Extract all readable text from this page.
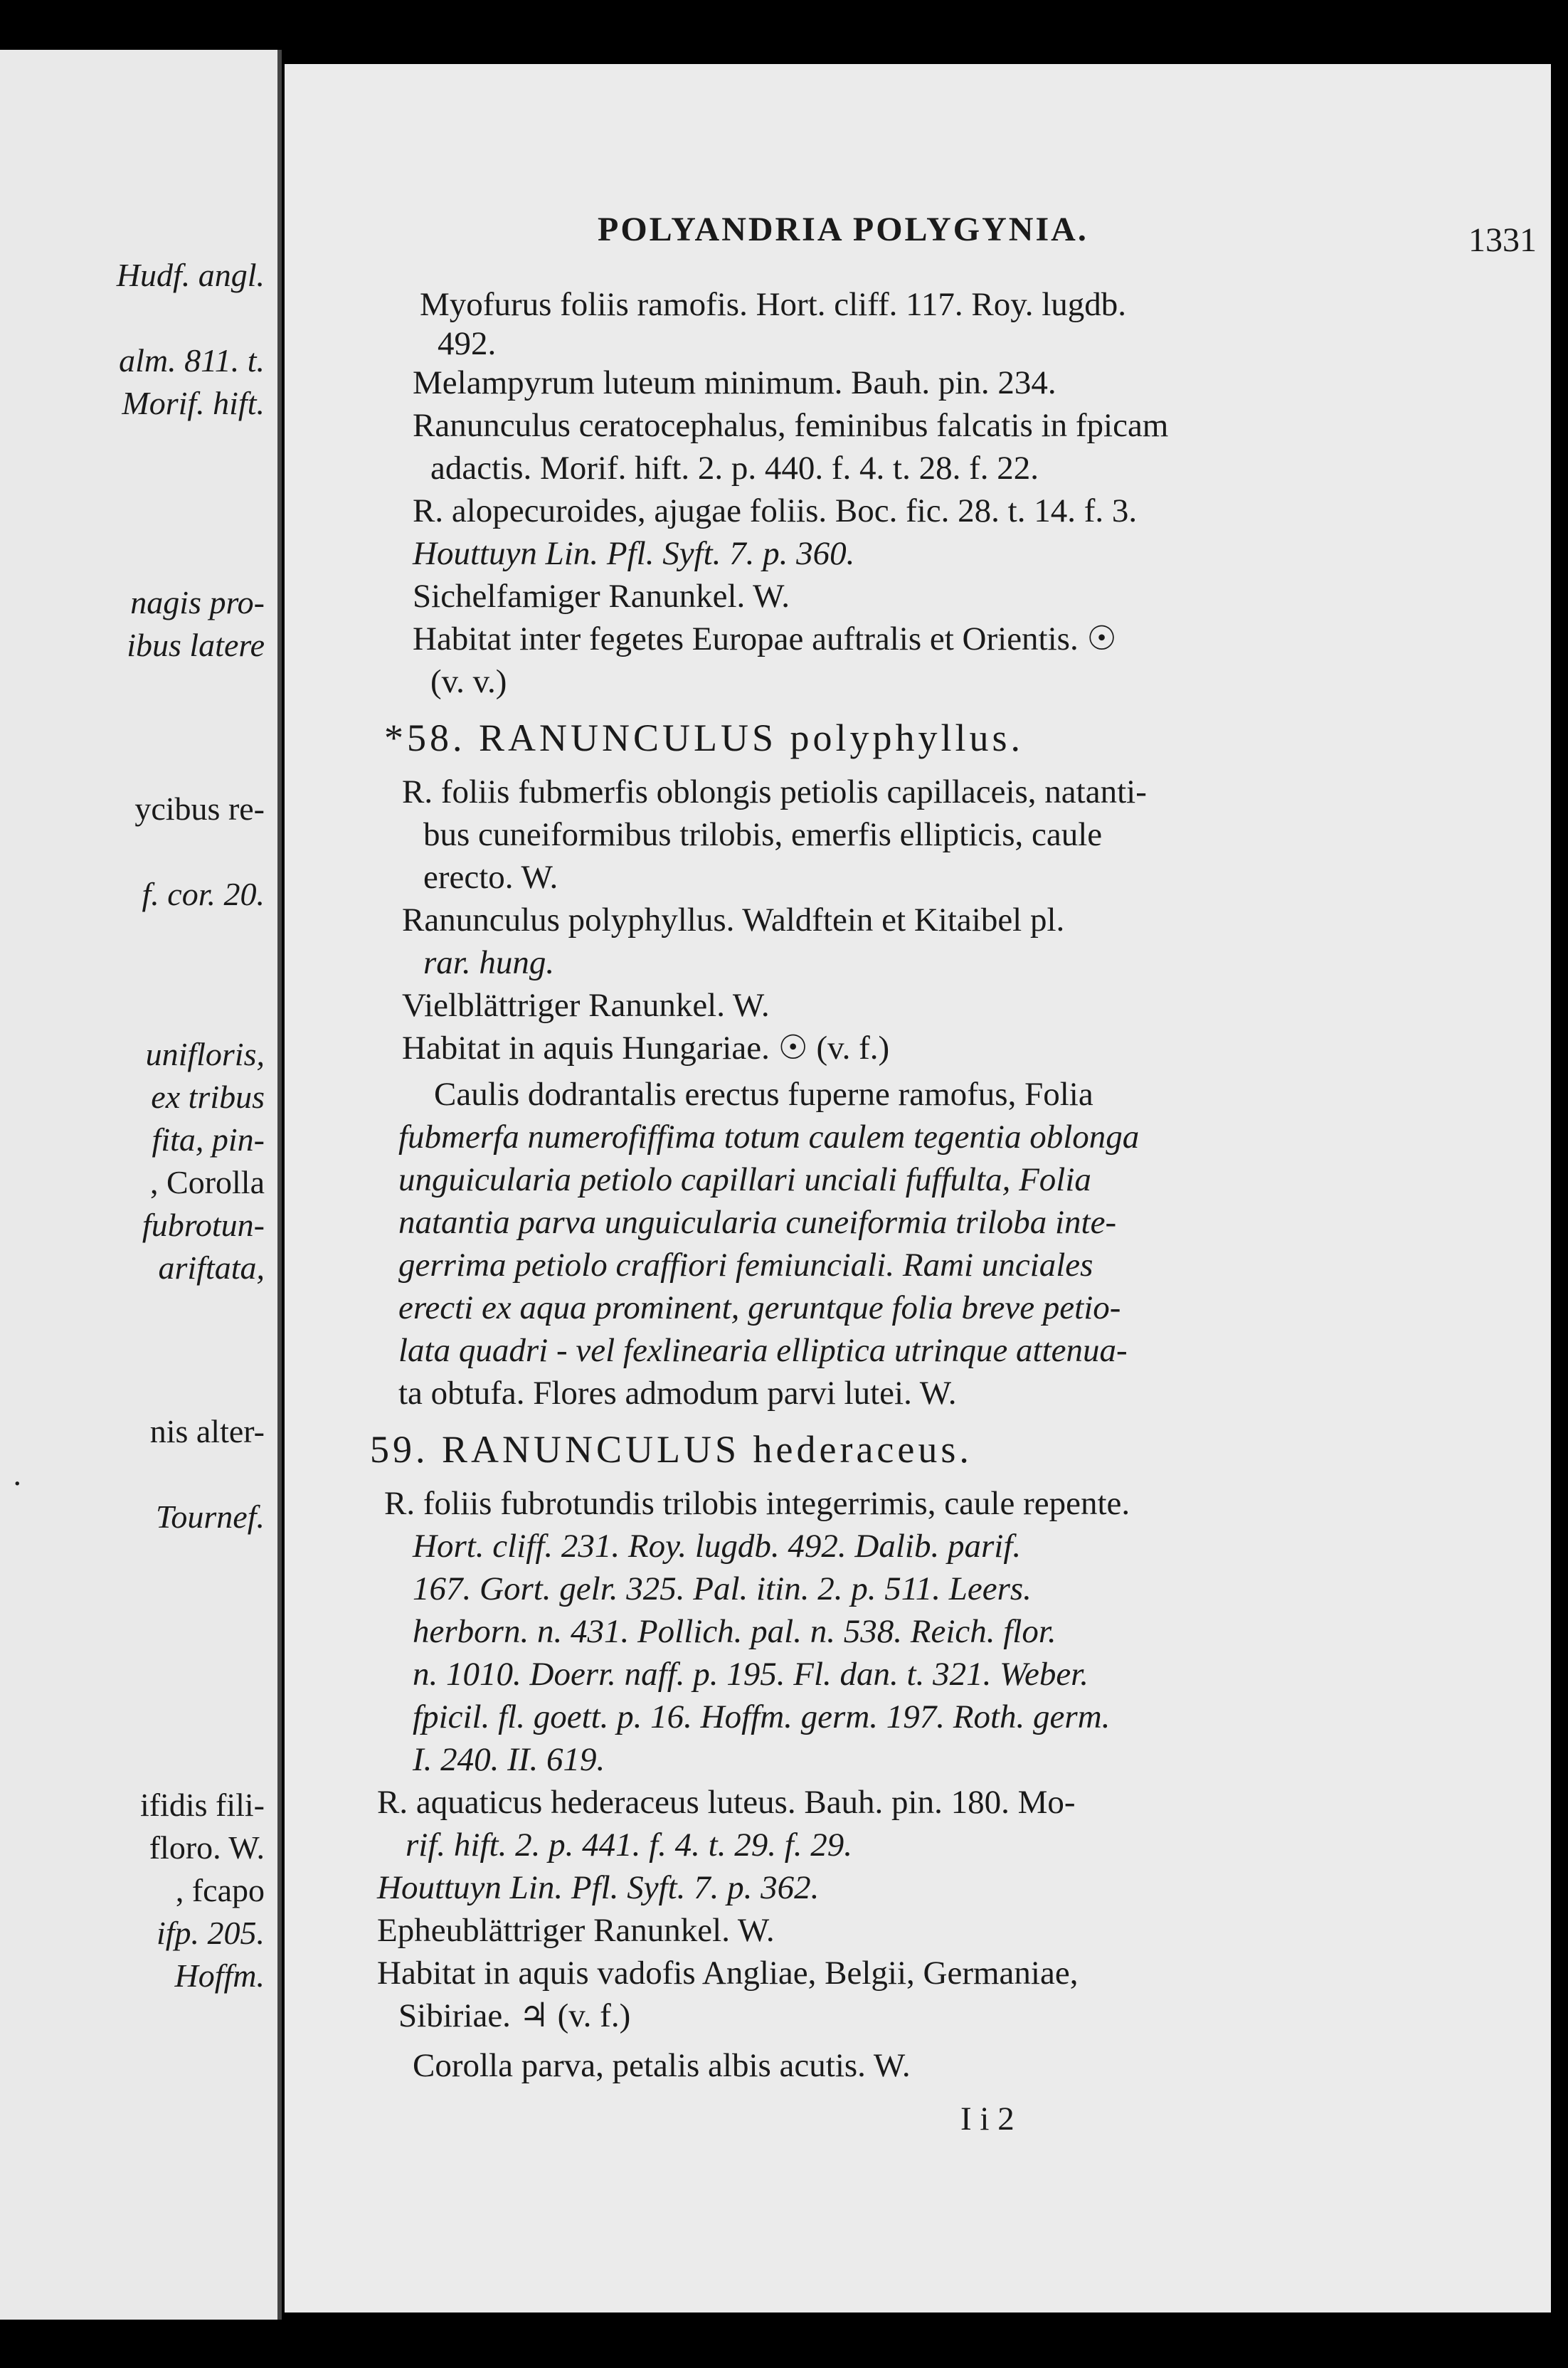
Hudf. angl.
alm. 811. t.
Morif. hift.
nagis pro-
ibus latere
ycibus re-
f. cor. 20.
unifloris,
ex tribus
fita, pin-
, Corolla
fubrotun-
ariftata,
nis alter-
.
Tournef.
ifidis fili-
floro. W.
, fcapo
ifp. 205.
Hoffm.
POLYANDRIA POLYGYNIA.	1331
Myofurus foliis ramofis. Hort. cliff. 117. Roy. lugdb.
492.
Melampyrum luteum minimum. Bauh. pin. 234.
Ranunculus ceratocephalus, feminibus falcatis in fpicam
adactis. Morif. hift. 2. p. 440. f. 4. t. 28. f. 22.
R. alopecuroides, ajugae foliis. Boc. fic. 28. t. 14. f. 3.
Houttuyn Lin. Pfl. Syft. 7. p. 360.
Sichelfamiger Ranunkel. W.
Habitat inter fegetes Europae auftralis et Orientis. ☉
(v. v.)
*58. RANUNCULUS polyphyllus.
R. foliis fubmerfis oblongis petiolis capillaceis, natanti-
bus cuneiformibus trilobis, emerfis ellipticis, caule
erecto. W.
Ranunculus polyphyllus. Waldftein et Kitaibel pl.
rar. hung.
Vielblättriger Ranunkel. W.
Habitat in aquis Hungariae. ☉ (v. f.)
Caulis dodrantalis erectus fuperne ramofus, Folia
fubmerfa numerofiffima totum caulem tegentia oblonga
unguicularia petiolo capillari unciali fuffulta, Folia
natantia parva unguicularia cuneiformia triloba inte-
gerrima petiolo craffiori femiunciali. Rami unciales
erecti ex aqua prominent, geruntque folia breve petio-
lata quadri - vel fexlinearia elliptica utrinque attenua-
ta obtufa. Flores admodum parvi lutei. W.
59. RANUNCULUS hederaceus.
R. foliis fubrotundis trilobis integerrimis, caule repente.
Hort. cliff. 231. Roy. lugdb. 492. Dalib. parif.
167. Gort. gelr. 325. Pal. itin. 2. p. 511. Leers.
herborn. n. 431. Pollich. pal. n. 538. Reich. flor.
n. 1010. Doerr. naff. p. 195. Fl. dan. t. 321. Weber.
fpicil. fl. goett. p. 16. Hoffm. germ. 197. Roth. germ.
I. 240. II. 619.
R. aquaticus hederaceus luteus. Bauh. pin. 180. Mo-
rif. hift. 2. p. 441. f. 4. t. 29. f. 29.
Houttuyn Lin. Pfl. Syft. 7. p. 362.
Epheublättriger Ranunkel. W.
Habitat in aquis vadofis Angliae, Belgii, Germaniae,
Sibiriae. ♃ (v. f.)
Corolla parva, petalis albis acutis. W.
I i 2
